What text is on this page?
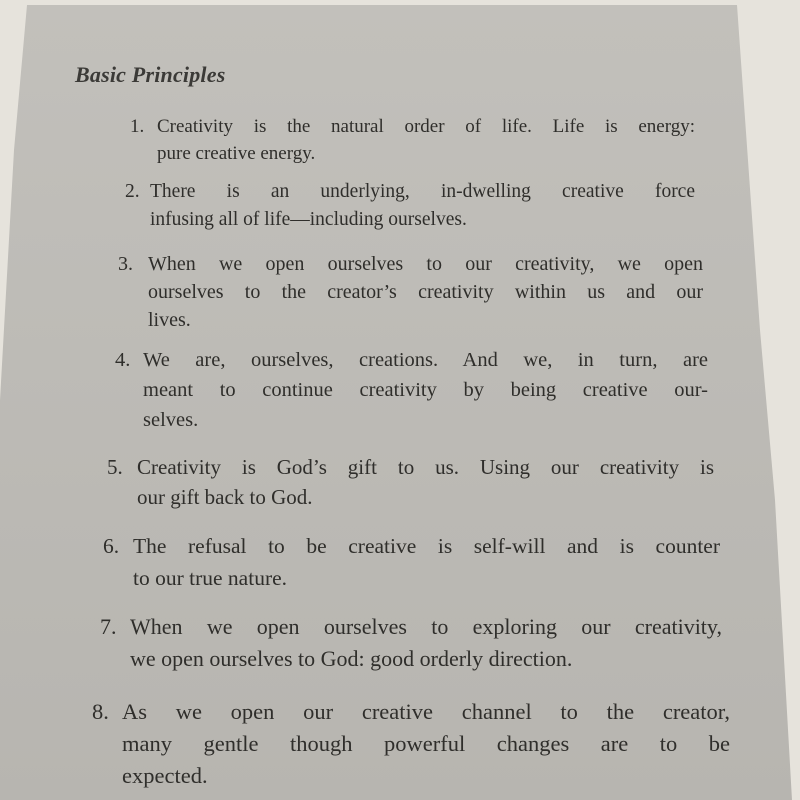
Basic Principles
1. Creativity is the natural order of life. Life is energy:
pure creative energy.
2. There is an underlying, in-dwelling creative force
infusing all of life—including ourselves.
3. When we open ourselves to our creativity, we open
ourselves to the creator’s creativity within us and our
lives.
4. We are, ourselves, creations. And we, in turn, are
meant to continue creativity by being creative our-
selves.
5. Creativity is God’s gift to us. Using our creativity is
our gift back to God.
6. The refusal to be creative is self-will and is counter
to our true nature.
7. When we open ourselves to exploring our creativity,
we open ourselves to God: good orderly direction.
8. As we open our creative channel to the creator,
many gentle though powerful changes are to be
expected.
